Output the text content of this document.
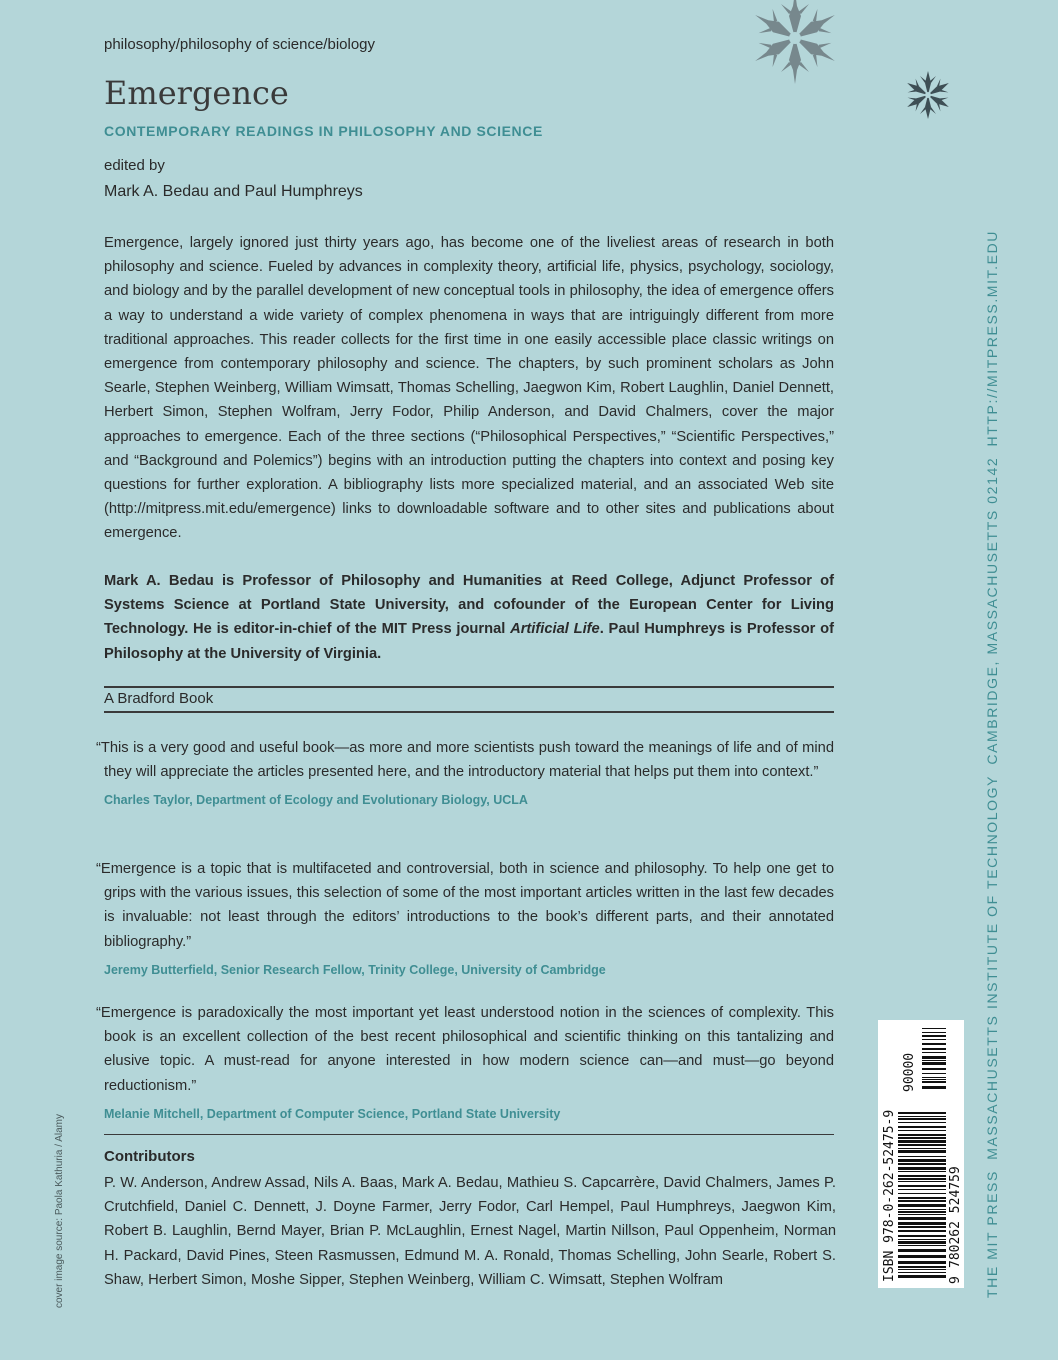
philosophy/philosophy of science/biology
Emergence
CONTEMPORARY READINGS IN PHILOSOPHY AND SCIENCE
edited by
Mark A. Bedau and Paul Humphreys
Emergence, largely ignored just thirty years ago, has become one of the liveliest areas of research in both philosophy and science. Fueled by advances in complexity theory, artificial life, physics, psychology, sociology, and biology and by the parallel development of new conceptual tools in philosophy, the idea of emergence offers a way to understand a wide variety of complex phenomena in ways that are intriguingly different from more traditional approaches. This reader collects for the first time in one easily accessible place classic writings on emergence from contemporary philosophy and science. The chapters, by such prominent scholars as John Searle, Stephen Weinberg, William Wimsatt, Thomas Schelling, Jaegwon Kim, Robert Laughlin, Daniel Dennett, Herbert Simon, Stephen Wolfram, Jerry Fodor, Philip Anderson, and David Chalmers, cover the major approaches to emergence. Each of the three sections (“Philosophical Perspectives,” “Scientific Perspectives,” and “Background and Polemics”) begins with an introduction putting the chapters into context and posing key questions for further exploration. A bibliography lists more specialized material, and an associated Web site (http://mitpress.mit.edu/emergence) links to downloadable software and to other sites and publications about emergence.
Mark A. Bedau is Professor of Philosophy and Humanities at Reed College, Adjunct Professor of Systems Science at Portland State University, and cofounder of the European Center for Living Technology. He is editor-in-chief of the MIT Press journal Artificial Life. Paul Humphreys is Professor of Philosophy at the University of Virginia.
A Bradford Book

“This is a very good and useful book—as more and more scientists push toward the meanings of life and of mind they will appreciate the articles presented here, and the introductory material that helps put them into context.”

Charles Taylor, Department of Ecology and Evolutionary Biology, UCLA

“Emergence is a topic that is multifaceted and controversial, both in science and philosophy. To help one get to grips with the various issues, this selection of some of the most important articles written in the last few decades is invaluable: not least through the editors’ introductions to the book’s different parts, and their annotated bibliography.”

Jeremy Butterfield, Senior Research Fellow, Trinity College, University of Cambridge

“Emergence is paradoxically the most important yet least understood notion in the sciences of complexity. This book is an excellent collection of the best recent philosophical and scientific thinking on this tantalizing and elusive topic. A must-read for anyone interested in how modern science can—and must—go beyond reductionism.”

Melanie Mitchell, Department of Computer Science, Portland State University
Contributors
P. W. Anderson, Andrew Assad, Nils A. Baas, Mark A. Bedau, Mathieu S. Capcarrère, David Chalmers, James P. Crutchfield, Daniel C. Dennett, J. Doyne Farmer, Jerry Fodor, Carl Hempel, Paul Humphreys, Jaegwon Kim, Robert B. Laughlin, Bernd Mayer, Brian P. McLaughlin, Ernest Nagel, Martin Nillson, Paul Oppenheim, Norman H. Packard, David Pines, Steen Rasmussen, Edmund M. A. Ronald, Thomas Schelling, John Searle, Robert S. Shaw, Herbert Simon, Moshe Sipper, Stephen Weinberg, William C. Wimsatt, Stephen Wolfram
cover image source: Paola Kathuria / Alamy	ISBN 978-0-262-52475-9
90000
9
780262 524759 THE MIT PRESS
MASSACHUSETTS INSTITUTE OF TECHNOLOGY
CAMBRIDGE, MASSACHUSETTS 02142
HTTP://MITPRESS.MIT.EDU
